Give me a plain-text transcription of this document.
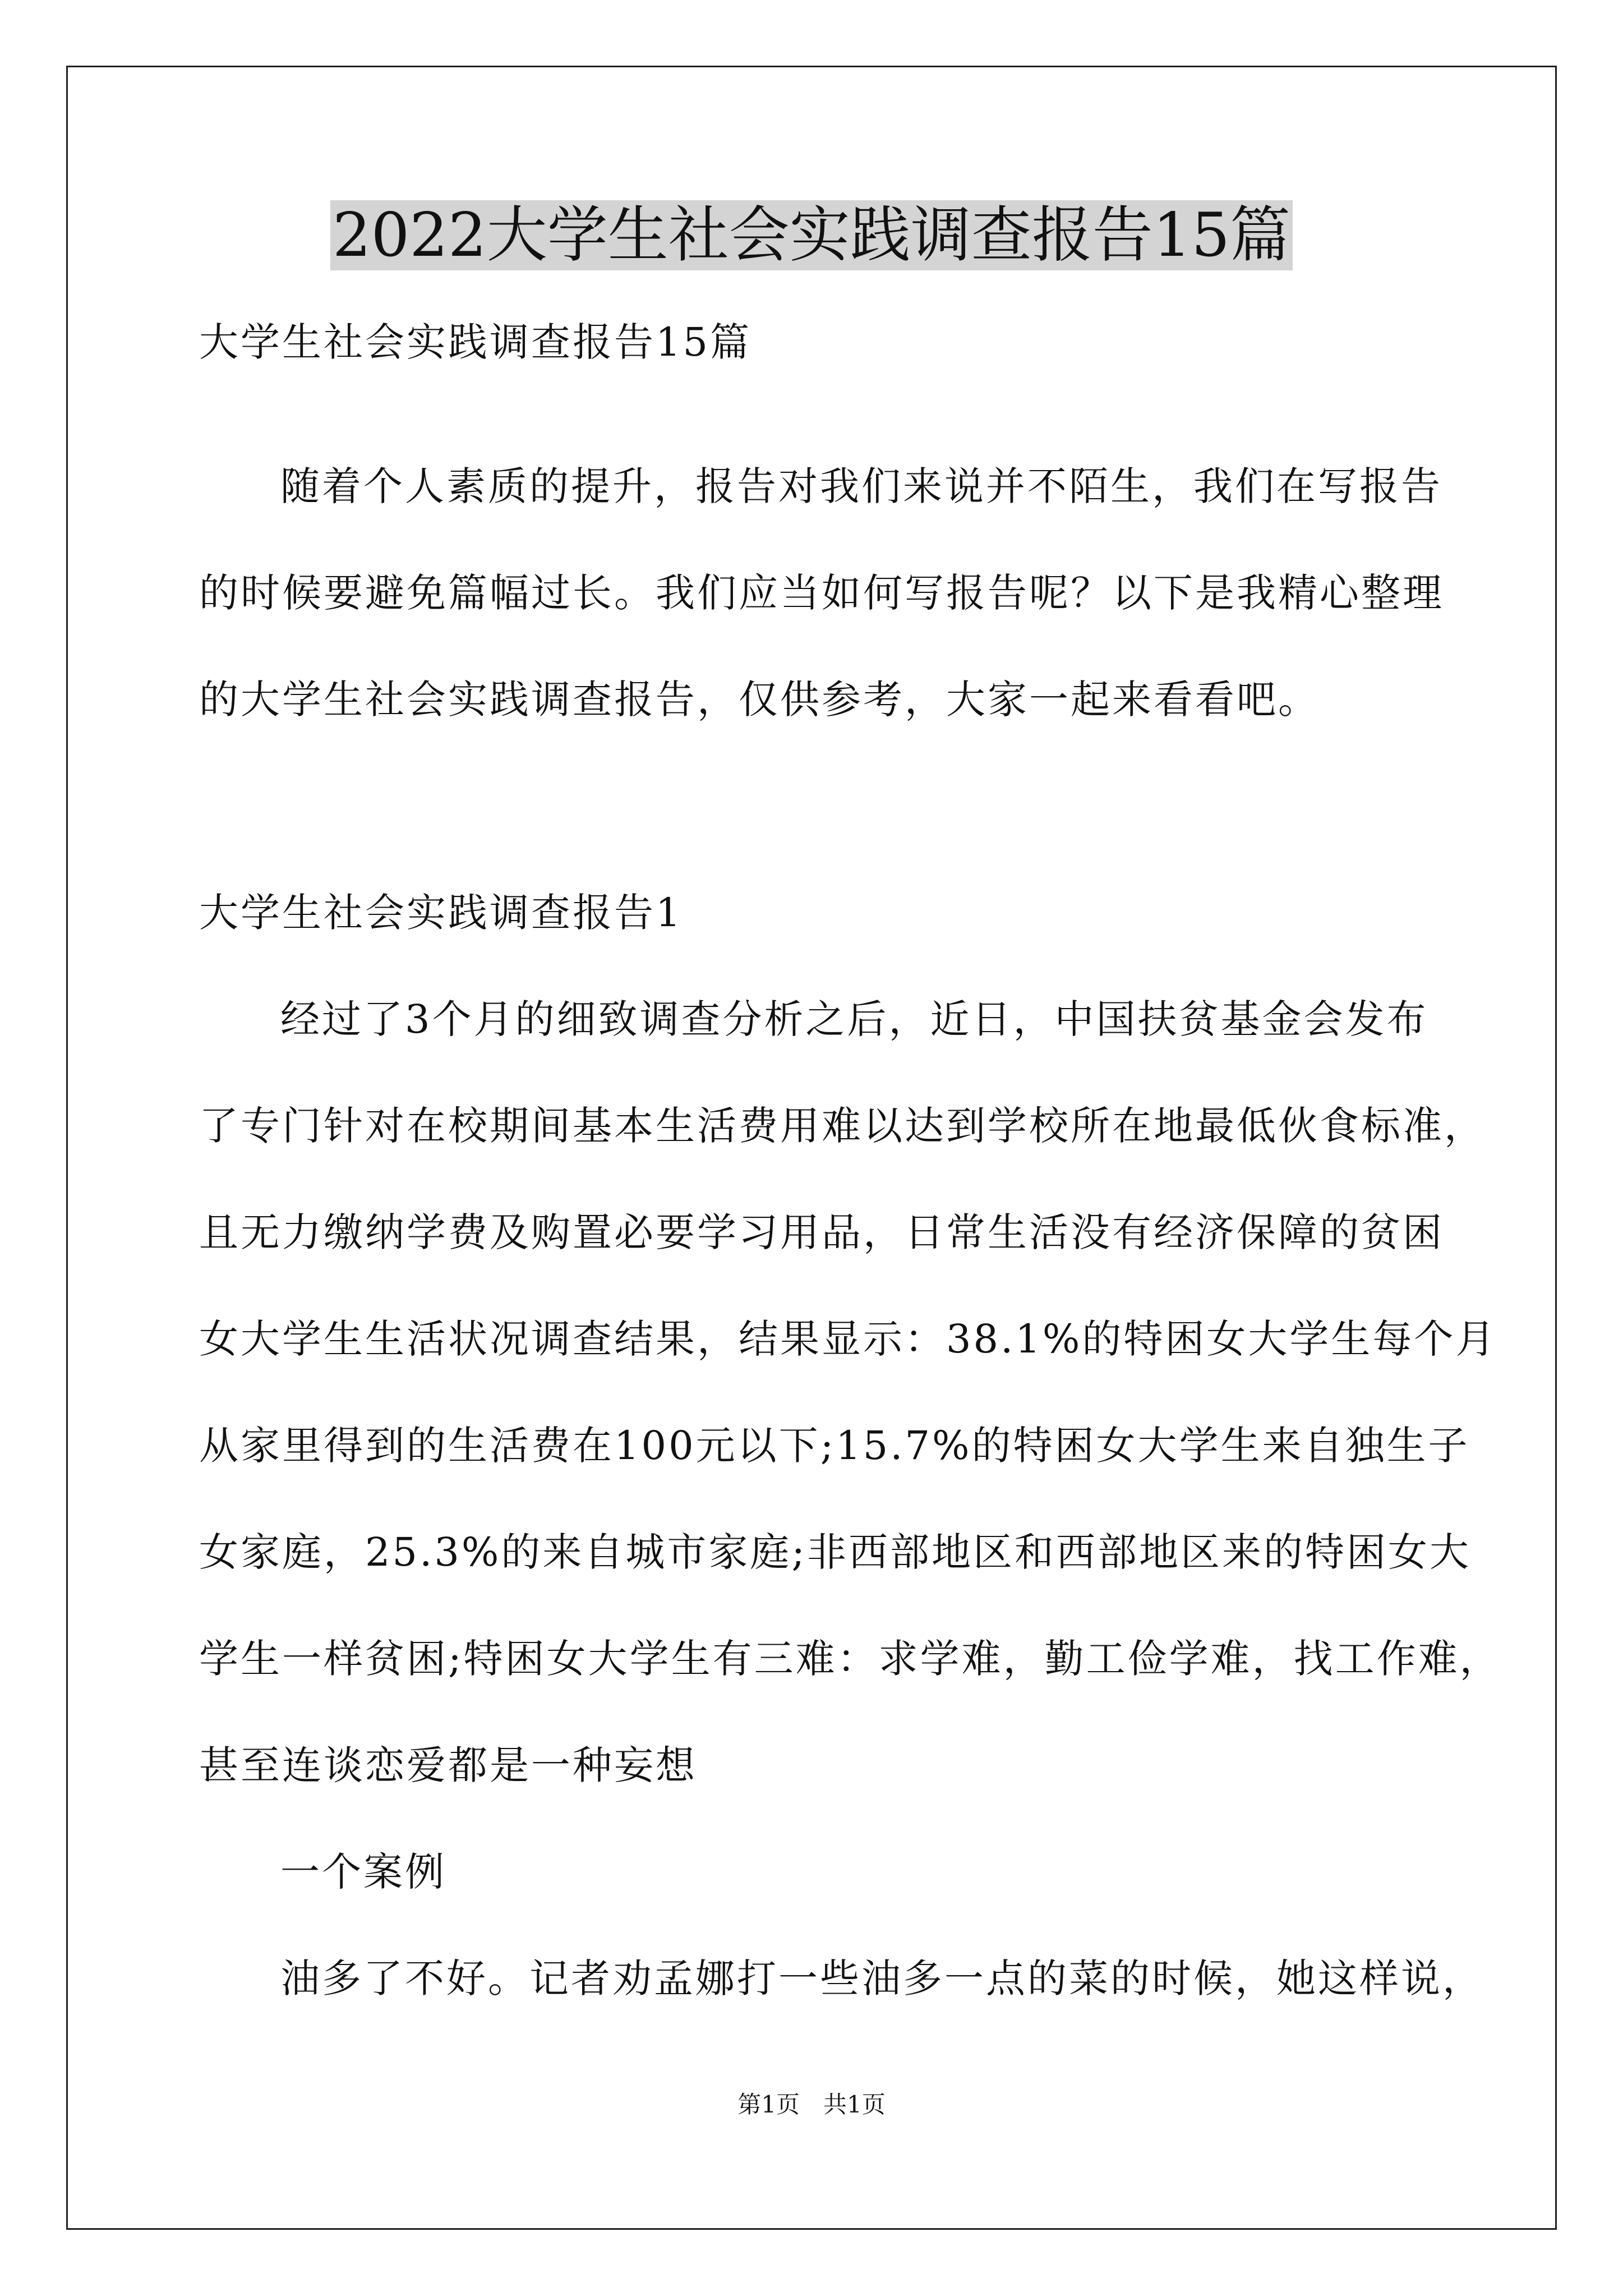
2022大学生社会实践调查报告15篇
大学生社会实践调查报告15篇
随着个人素质的提升，报告对我们来说并不陌生，我们在写报告
的时候要避免篇幅过长。我们应当如何写报告呢？以下是我精心整理
的大学生社会实践调查报告，仅供参考，大家一起来看看吧。
大学生社会实践调查报告1
经过了3个月的细致调查分析之后，近日，中国扶贫基金会发布
了专门针对在校期间基本生活费用难以达到学校所在地最低伙食标准，
且无力缴纳学费及购置必要学习用品，日常生活没有经济保障的贫困
女大学生生活状况调查结果，结果显示：38.1%的特困女大学生每个月
从家里得到的生活费在100元以下;15.7%的特困女大学生来自独生子
女家庭，25.3%的来自城市家庭;非西部地区和西部地区来的特困女大
学生一样贫困;特困女大学生有三难：求学难，勤工俭学难，找工作难，
甚至连谈恋爱都是一种妄想
一个案例
油多了不好。记者劝孟娜打一些油多一点的菜的时候，她这样说，
第1页　共1页
